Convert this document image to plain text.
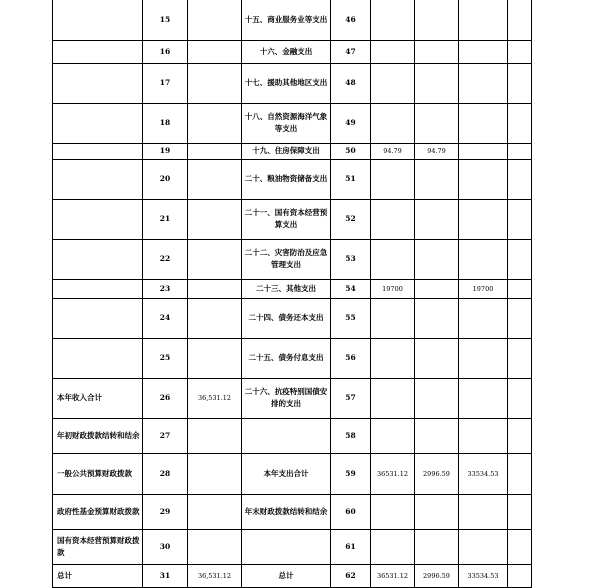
	15		十五、商业服务业等支出	46				
	16		十六、金融支出	47				
	17		十七、援助其他地区支出	48				
	18		十八、自然资源海洋气象等支出	49				
	19		十九、住房保障支出	50	94.79	94.79		
	20		二十、粮油物资储备支出	51				
	21		二十一、国有资本经营预算支出	52				
	22		二十二、灾害防治及应急管理支出	53				
	23		二十三、其他支出	54	19700		19700	
	24		二十四、债务还本支出	55				
	25		二十五、债务付息支出	56				
本年收入合计	26	36,531.12	二十六、抗疫特别国债安排的支出	57				
年初财政拨款结转和结余	27			58				
一般公共预算财政拨款	28		本年支出合计	59	36531.12	2996.59	33534.53	
政府性基金预算财政拨款	29		年末财政拨款结转和结余	60				
国有资本经营预算财政拨款	30			61				
总计	31	36,531.12	总计	62	36531.12	2996.59	33534.53	
